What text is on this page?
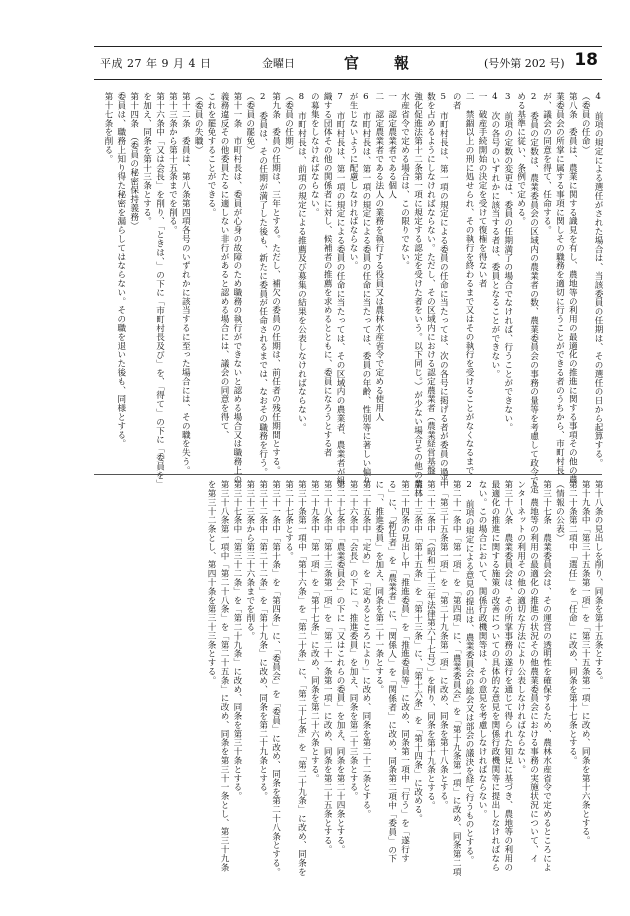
平成 27 年 9 月 4 日	金曜日	官　報	(号外第 202 号) 18
4　前項の規定による選任がされた場合は、当該委員の任期は、その選任の日から起算する。
（委員の任命）
第八条　委員は、農業に関する識見を有し、農地等の利用の最適化の推進に関する事項その他の農
業委員会の所掌に属する事項に関しその職務を適切に行うことができる者のうちから、市町村長
が、議会の同意を得て、任命する。
2　委員の定数は、農業委員会の区域内の農業者の数、農業委員会の事務の量等を考慮して政令で定
める基準に従い、条例で定める。
3　前項の定数の変更は、委員の任期満了の場合でなければ、行うことができない。
4　次の各号のいずれかに該当する者は、委員となることができない。
一　破産手続開始の決定を受けて復権を得ない者
二　禁錮以上の刑に処せられ、その執行を終わるまで又はその執行を受けることがなくなるまで
の者
5　市町村長は、第一項の規定による委員の任命に当たっては、次の各号に掲げる者が委員の過半
数を占めるようにしなければならない。ただし、その区域内における認定農業者（農業経営基盤
強化促進法第十二条第一項に規定する認定を受けた者をいう。以下同じ。）が少ない場合その他の農林
水産省令で定める場合は、この限りでない。
一　認定農業者である個人
二　認定農業者である法人の業務を執行する役員又は農林水産省令で定める使用人
6　市町村長は、第一項の規定による委員の任命に当たっては、委員の年齢、性別等に著しい偏り
が生じないように配慮しなければならない。
7　市町村長は、第一項の規定による委員の任命に当たっては、その区域内の農業者、農業者が組
織する団体その他の関係者に対し、候補者の推薦を求めるとともに、委員になろうとする者
の募集をしなければならない。
8　市町村長は、前項の規定による推薦及び募集の結果を公表しなければならない。
（委員の任期）
第九条　委員の任期は、三年とする。ただし、補欠の委員の任期は、前任者の残任期間とする。
2　委員は、その任期が満了した後も、新たに委員が任命されるまでは、なおその職務を行う。
（委員の罷免）
第十一条　市町村長は、委員が心身の故障のため職務の執行ができないと認める場合又は職務上の
義務違反その他委員たるに適しない非行があると認める場合には、議会の同意を得て、
これを罷免することができる。
（委員の失職）
第十二条　委員は、第八条第四項各号のいずれかに該当するに至った場合には、その職を失う。
第十三条から第十五条までを削る。
第十六条中「又は会長」を削り、「ときは、」の下に「市町村長及び」を、「得て」の下に「委員を」
を加え、同条を第十三条とする。
第十四条　（委員の秘密保持義務）
委員は、職務上知り得た秘密を漏らしてはならない。その職を退いた後も、同様とする。
第十七条を削る。
第十八条の見出しを削り、同条を第十五条とする。
第十九条中「第三十五条第一項」を「第三十五条第一項」に改め、同条を第十六条とする。
第二十条第二項中「選任」を「任命」に改め、同条を第十七条とする。
（情報の公表）
第三十七条　農業委員会は、その運営の透明性を確保するため、農林水産省令で定めるところによ
り、農地等の利用の最適化の推進の状況その他農業委員会における事務の実施状況について、イ
ンターネットの利用その他の適切な方法により公表しなければならない。
第三十八条　農業委員会は、その所掌事務の遂行を通じて得られた知見に基づき、農地等の利用の
最適化の推進に関する施策の改善についての具体的な意見を関係行政機関等に提出しなければなら
ない。この場合において、関係行政機関等は、その意見を考慮しなければならない。
2　前項の規定による意見の提出は、農業委員会の総会又は部会の議決を経て行うものとする。
第二十一条中「第一項」を「第四項」に、「農業委員会」を「第十九条第一項」に改め、同条第二項
中「第三十五条第一項」を「第二十九条第一項」に改め、同条を第十八条とする。
第二十二条中「（昭和三十三年法律第六十七号）」を削り、同条を第十九条とする。
第二十三条中「第十五条」を「第十三条」に、「第十六条」を「第十四条」に改める。
第二十四条の見出し中「推進委員」を「推進委員等」に改め、同条第一項中「行う」を「遂行す
る」に、「新任者」を「農業者」に、「関係人」を「関係者」に改め、同条第二項中「委員」の下
に「、推進委員」を加え、同条を第二十一条とする。
第二十五条中「定め」を「定めるところにより」に改め、同条を第二十二条とする。
第二十六条中「会長」の下に「、推進委員」を加え、同条を第二十三条とする。
第二十七条中「農業委員会」の下に「又はこれらの委員」を加え、同条を第二十四条とする。
第二十八条中「第十三条第一項」を「第二十一条第一項」に改め、同条を第二十五条とする。
第二十九条中「第一項」を「第十七条」に改め、同条を第二十六条とする。
第三十条第一項中「第十六条」を「第二十条」に、「第二十七条」を「第二十九条」に改め、同条を
第二十七条とする。
第三十一条中「第十条」を「第四条」に、「委員会」を「委員」に改め、同条を第二十八条とする。
第三十二条中「第二十二条」を「第十九条」に改め、同条を第二十九条とする。
第三十三条から第三十六条までを削る。
第三十七条中「第三十二条」を「第二十九条」に改め、同条を第三十条とする。
第三十八条第一項中「第二十八条」を「第二十五条」に改め、同条を第三十一条とし、第三十九条
を第三十二条とし、第四十条を第三十三条とする。
